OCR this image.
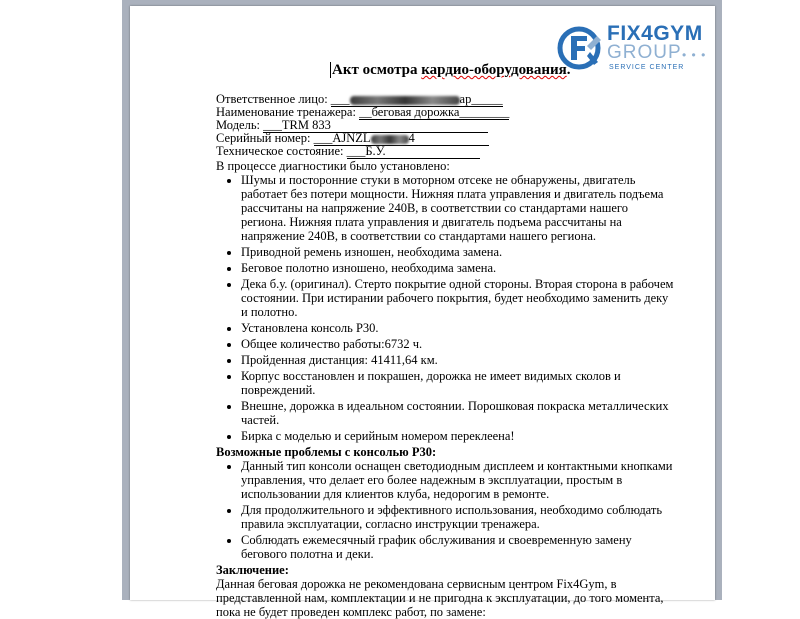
FIX4GYM
GROUP • • •
SERVICE CENTER
Акт осмотра кардио-оборудования.
Ответственное лицо: ___	ар_____
Наименование тренажера: __беговая дорожка________
Модель: ___TRM 833
Серийный номер: ___AJNZL	4
Техническое состояние: ___Б.У.

В процессе диагностики было установлено:

• Шумы и посторонние стуки в моторном отсеке не обнаружены, двигатель работает без потери мощности. Нижняя плата управления и двигатель подъема рассчитаны на напряжение 240В, в соответствии со стандартами нашего региона. Нижняя плата управления и двигатель подъема рассчитаны на напряжение 240В, в соответствии со стандартами нашего региона.
• Приводной ремень изношен, необходима замена.
• Беговое полотно изношено, необходима замена.
• Дека б.у. (оригинал). Стерто покрытие одной стороны. Вторая сторона в рабочем состоянии. При истирании рабочего покрытия, будет необходимо заменить деку и полотно.
• Установлена консоль Р30.
• Общее количество работы:6732 ч.
• Пройденная дистанция: 41411,64 км.
• Корпус восстановлен и покрашен, дорожка не имеет видимых сколов и повреждений.
• Внешне, дорожка в идеальном состоянии. Порошковая покраска металлических частей.
• Бирка с моделью и серийным номером переклеена!

Возможные проблемы с консолью Р30:

• Данный тип консоли оснащен светодиодным дисплеем и контактными кнопками управления, что делает его более надежным в эксплуатации, простым в использовании для клиентов клуба, недорогим в ремонте.
• Для продолжительного и эффективного использования, необходимо соблюдать правила эксплуатации, согласно инструкции тренажера.
• Соблюдать ежемесячный график обслуживания и своевременную замену бегового полотна и деки.

Заключение:

Данная беговая дорожка не рекомендована сервисным центром Fix4Gym, в представленной нам, комплектации и не пригодна к эксплуатации, до того момента, пока не будет проведен комплекс работ, по замене:
